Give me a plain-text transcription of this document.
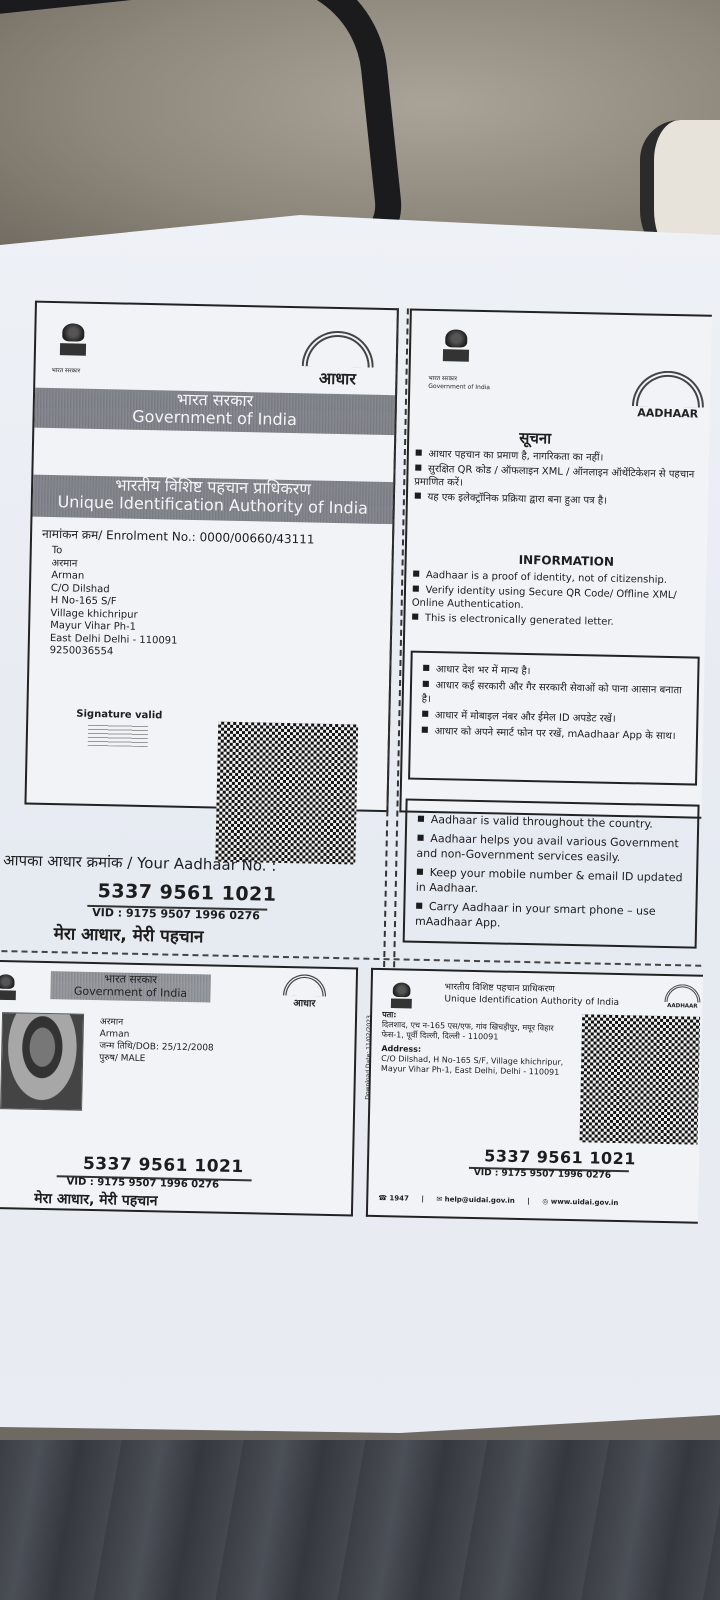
भारत सरकार	आधार
भारत सरकार
Government of India
भारतीय विशिष्ट पहचान प्राधिकरण
Unique Identification Authority of India
नामांकन क्रम/ Enrolment No.: 0000/00660/43111
To
अरमान
Arman
C/O Dilshad
H No-165 S/F
Village khichripur
Mayur Vihar Ph-1
East Delhi Delhi - 110091
9250036554
Signature valid
आपका आधार क्रमांक / Your Aadhaar No. :
5337 9561 1021
VID : 9175 9507 1996 0276
मेरा आधार, मेरी पहचान
भारत सरकार
Government of India
AADHAAR
सूचना
■ आधार पहचान का प्रमाण है, नागरिकता का नहीं।
■ सुरक्षित QR कोड / ऑफलाइन XML / ऑनलाइन ऑथेंटिकेशन से पहचान प्रमाणित करें।
■ यह एक इलेक्ट्रॉनिक प्रक्रिया द्वारा बना हुआ पत्र है।
INFORMATION
■ Aadhaar is a proof of identity, not of citizenship.
■ Verify identity using Secure QR Code/ Offline XML/ Online Authentication.
■ This is electronically generated letter.
■ आधार देश भर में मान्य है।
■ आधार कई सरकारी और गैर सरकारी सेवाओं को पाना आसान बनाता है।
■ आधार में मोबाइल नंबर और ईमेल ID अपडेट रखें।
■ आधार को अपने स्मार्ट फोन पर रखें, mAadhaar App के साथ।
■ Aadhaar is valid throughout the country.
■ Aadhaar helps you avail various Government and non-Government services easily.
■ Keep your mobile number & email ID updated in Aadhaar.
■ Carry Aadhaar in your smart phone – use mAadhaar App.
भारत सरकार
Government of India
आधार
अरमान
Arman
जन्म तिथि/DOB: 25/12/2008
पुरुष/ MALE
5337 9561 1021
VID : 9175 9507 1996 0276
मेरा आधार, मेरी पहचान
भारतीय विशिष्ट पहचान प्राधिकरण
Unique Identification Authority of India	AADHAAR
Download Date: 11/02/2023
पता:
दिलशाद, एच न-165 एस/एफ, गांव खिचड़ीपुर, मयूर विहार फेस-1, पूर्वी दिल्ली, दिल्ली - 110091
Address:
C/O Dilshad, H No-165 S/F, Village khichripur, Mayur Vihar Ph-1, East Delhi, Delhi - 110091
5337 9561 1021
VID : 9175 9507 1996 0276
☎ 1947 | ✉ help@uidai.gov.in | ◎ www.uidai.gov.in
